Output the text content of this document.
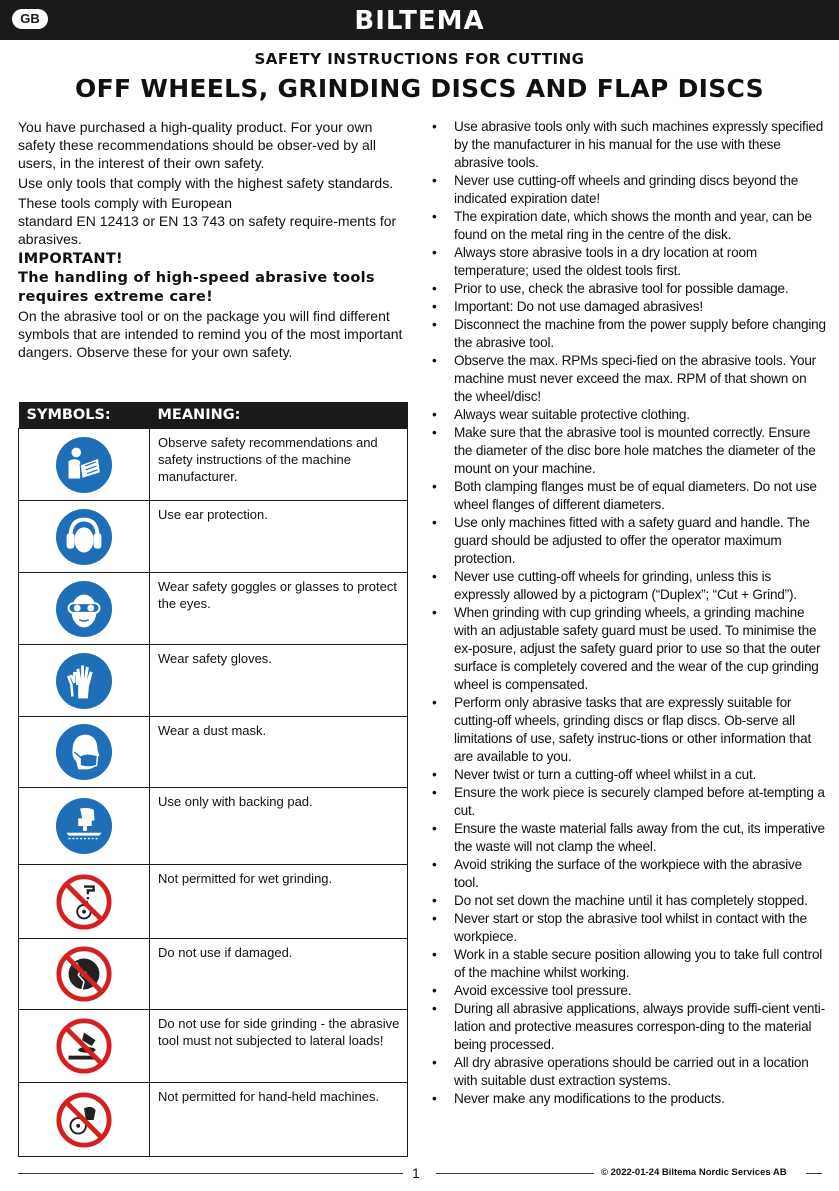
GB	BILTEMA
SAFETY INSTRUCTIONS FOR CUTTING
OFF WHEELS, GRINDING DISCS AND FLAP DISCS

You have purchased a high-quality product. For your own safety these recommendations should be obser-ved by all users, in the interest of their own safety.

Use only tools that comply with the highest safety standards.

These tools comply with European

standard EN 12413 or EN 13 743 on safety require-ments for abrasives.

IMPORTANT!

The handling of high-speed abrasive tools requires extreme care!

On the abrasive tool or on the package you will find different symbols that are intended to remind you of the most important dangers. Observe these for your own safety.

SYMBOLS:	MEANING:

	Observe safety recommendations and safety instructions of the machine manufacturer.

	Use ear protection.

	Wear safety goggles or glasses to protect the eyes.

	Wear safety gloves.

	Wear a dust mask.

	Use only with backing pad.

	Not permitted for wet grinding.

	Do not use if damaged.

	Do not use for side grinding - the abrasive tool must not subjected to lateral loads!

	Not permitted for hand-held machines.
• Use abrasive tools only with such machines expressly specified by the manufacturer in his manual for the use with these abrasive tools.
• Never use cutting-off wheels and grinding discs beyond the indicated expiration date!
• The expiration date, which shows the month and year, can be found on the metal ring in the centre of the disk.
• Always store abrasive tools in a dry location at room temperature; used the oldest tools first.
• Prior to use, check the abrasive tool for possible damage.
• Important: Do not use damaged abrasives!
• Disconnect the machine from the power supply before changing the abrasive tool.
• Observe the max. RPMs speci-fied on the abrasive tools. Your machine must never exceed the max. RPM of that shown on the wheel/disc!
• Always wear suitable protective clothing.
• Make sure that the abrasive tool is mounted correctly. Ensure the diameter of the disc bore hole matches the diameter of the mount on your machine.
• Both clamping flanges must be of equal diameters. Do not use wheel flanges of different diameters.
• Use only machines fitted with a safety guard and handle. The guard should be adjusted to offer the operator maximum protection.
• Never use cutting-off wheels for grinding, unless this is expressly allowed by a pictogram (“Duplex”; “Cut + Grind”).
• When grinding with cup grinding wheels, a grinding machine with an adjustable safety guard must be used. To minimise the ex-posure, adjust the safety guard prior to use so that the outer surface is completely covered and the wear of the cup grinding wheel is compensated.
• Perform only abrasive tasks that are expressly suitable for cutting-off wheels, grinding discs or flap discs. Ob-serve all limitations of use, safety instruc-tions or other information that are available to you.
• Never twist or turn a cutting-off wheel whilst in a cut.
• Ensure the work piece is securely clamped before at-tempting a cut.
• Ensure the waste material falls away from the cut, its imperative the waste will not clamp the wheel.
• Avoid striking the surface of the workpiece with the abrasive tool.
• Do not set down the machine until it has completely stopped.
• Never start or stop the abrasive tool whilst in contact with the workpiece.
• Work in a stable secure position allowing you to take full control of the machine whilst working.
• Avoid excessive tool pressure.
• During all abrasive applications, always provide suffi-cient venti-lation and protective measures correspon-ding to the material being processed.
• All dry abrasive operations should be carried out in a location with suitable dust extraction systems.
• Never make any modifications to the products.
1	© 2022-01-24 Biltema Nordic Services AB
